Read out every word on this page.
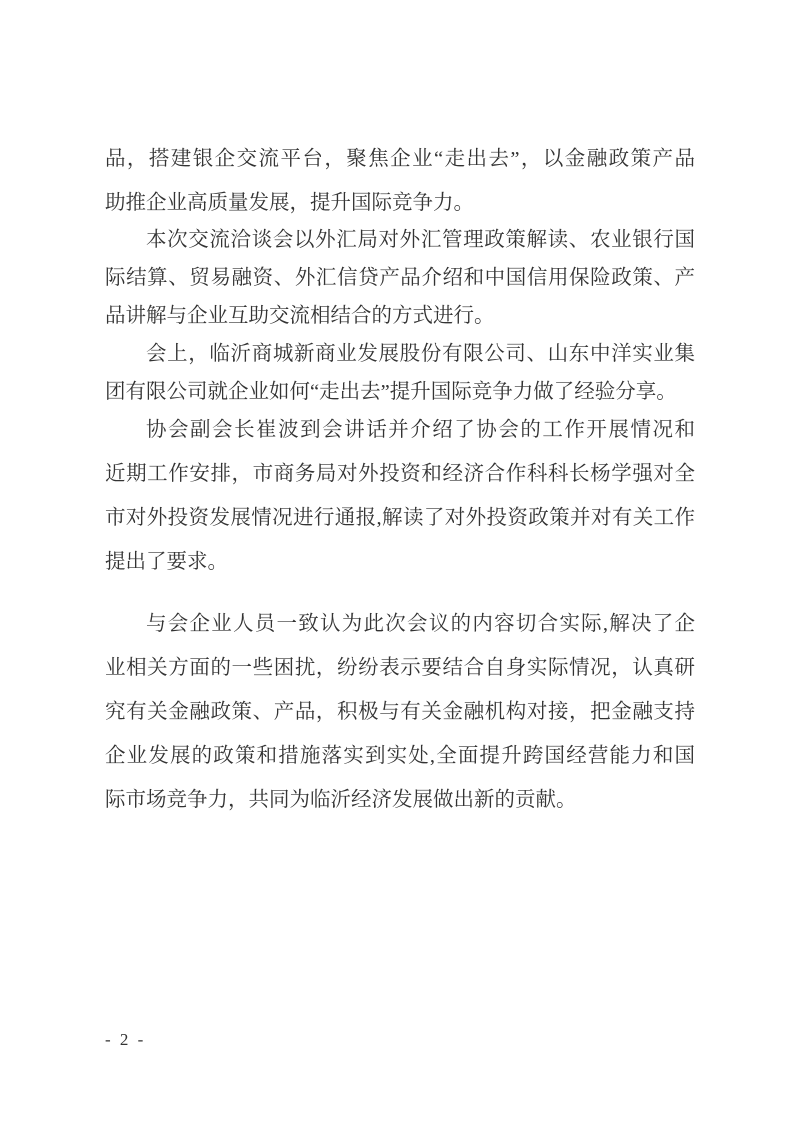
品，搭建银企交流平台，聚焦企业“走出去”，以金融政策产品
助推企业高质量发展，提升国际竞争力。
本次交流洽谈会以外汇局对外汇管理政策解读、农业银行国
际结算、贸易融资、外汇信贷产品介绍和中国信用保险政策、产
品讲解与企业互助交流相结合的方式进行。
会上，临沂商城新商业发展股份有限公司、山东中洋实业集
团有限公司就企业如何“走出去”提升国际竞争力做了经验分享。
协会副会长崔波到会讲话并介绍了协会的工作开展情况和
近期工作安排，市商务局对外投资和经济合作科科长杨学强对全
市对外投资发展情况进行通报,解读了对外投资政策并对有关工作
提出了要求。
与会企业人员一致认为此次会议的内容切合实际,解决了企
业相关方面的一些困扰，纷纷表示要结合自身实际情况，认真研
究有关金融政策、产品，积极与有关金融机构对接，把金融支持
企业发展的政策和措施落实到实处,全面提升跨国经营能力和国
际市场竞争力，共同为临沂经济发展做出新的贡献。
- 2 -
